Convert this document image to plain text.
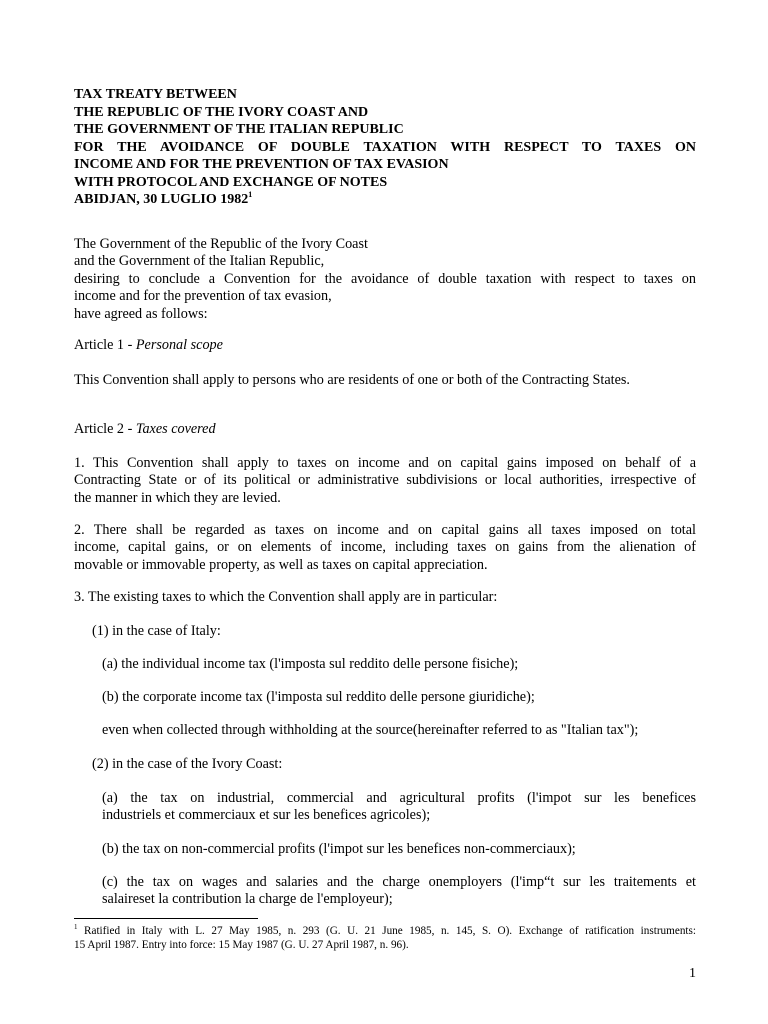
TAX TREATY BETWEEN
THE REPUBLIC OF THE IVORY COAST AND
THE GOVERNMENT OF THE ITALIAN REPUBLIC
FOR THE AVOIDANCE OF DOUBLE TAXATION WITH RESPECT TO TAXES ON
INCOME AND FOR THE PREVENTION OF TAX EVASION
WITH PROTOCOL AND EXCHANGE OF NOTES
ABIDJAN, 30 LUGLIO 1982$^1$
The Government of the Republic of the Ivory Coast
and the Government of the Italian Republic,
desiring to conclude a Convention for the avoidance of double taxation with respect to taxes on
income and for the prevention of tax evasion,
have agreed as follows:

Article 1 - Personal scope

This Convention shall apply to persons who are residents of one or both of the Contracting States.

Article 2 - Taxes covered

1. This Convention shall apply to taxes on income and on capital gains imposed on behalf of a
Contracting State or of its political or administrative subdivisions or local authorities, irrespective of
the manner in which they are levied.
2. There shall be regarded as taxes on income and on capital gains all taxes imposed on total
income, capital gains, or on elements of income, including taxes on gains from the alienation of
movable or immovable property, as well as taxes on capital appreciation.

3. The existing taxes to which the Convention shall apply are in particular:

(1) in the case of Italy:

(a) the individual income tax (l'imposta sul reddito delle persone fisiche);

(b) the corporate income tax (l'imposta sul reddito delle persone giuridiche);

even when collected through withholding at the source(hereinafter referred to as "Italian tax");

(2) in the case of the Ivory Coast:

(a) the tax on industrial, commercial and agricultural profits (l'impot sur les benefices
industriels et commerciaux et sur les benefices agricoles);

(b) the tax on non-commercial profits (l'impot sur les benefices non-commerciaux);

(c) the tax on wages and salaries and the charge onemployers (l'imp“t sur les traitements et
salaireset la contribution la charge de l'employeur);
$^1$ Ratified in Italy with L. 27 May 1985, n. 293 (G. U. 21 June 1985, n. 145, S. O). Exchange of ratification instruments:
15 April 1987. Entry into force: 15 May 1987 (G. U. 27 April 1987, n. 96).
1
